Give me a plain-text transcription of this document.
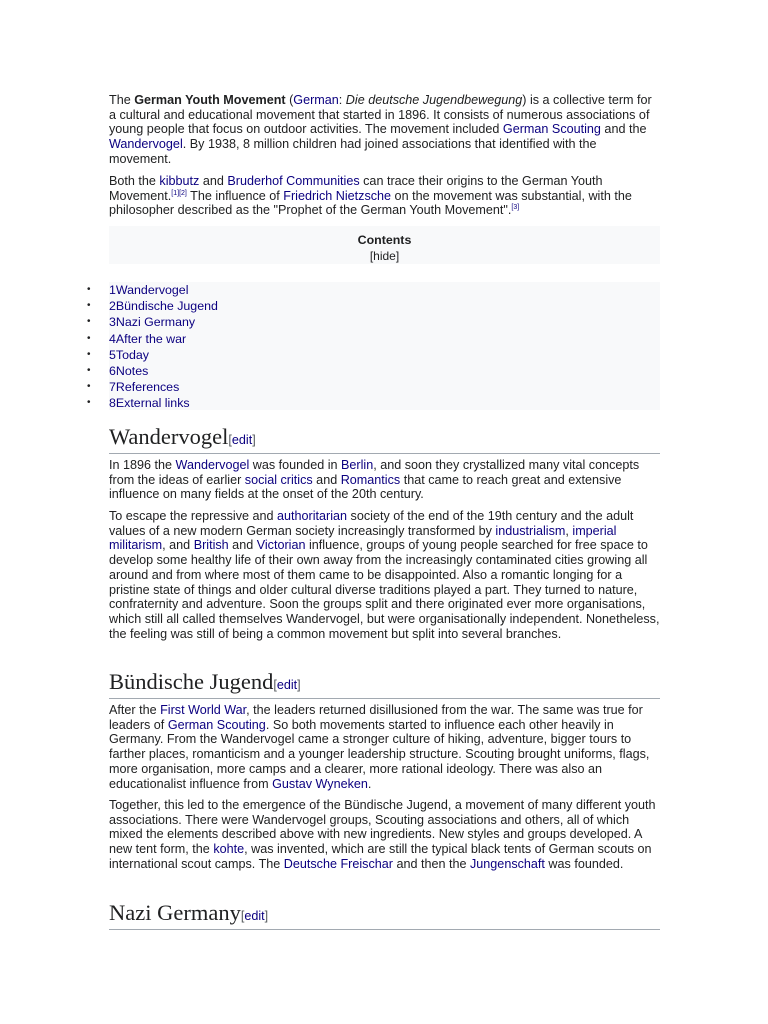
The German Youth Movement (German: Die deutsche Jugendbewegung) is a collective term for a cultural and educational movement that started in 1896. It consists of numerous associations of young people that focus on outdoor activities. The movement included German Scouting and the Wandervogel. By 1938, 8 million children had joined associations that identified with the movement.

Both the kibbutz and Bruderhof Communities can trace their origins to the German Youth Movement.[1][2] The influence of Friedrich Nietzsche on the movement was substantial, with the philosopher described as the "Prophet of the German Youth Movement".[3]

Contents
[hide]
• 1Wandervogel
• 2Bündische Jugend
• 3Nazi Germany
• 4After the war
• 5Today
• 6Notes
• 7References
• 8External links
Wandervogel[edit]

In 1896 the Wandervogel was founded in Berlin, and soon they crystallized many vital concepts from the ideas of earlier social critics and Romantics that came to reach great and extensive influence on many fields at the onset of the 20th century.

To escape the repressive and authoritarian society of the end of the 19th century and the adult values of a new modern German society increasingly transformed by industrialism, imperial militarism, and British and Victorian influence, groups of young people searched for free space to develop some healthy life of their own away from the increasingly contaminated cities growing all around and from where most of them came to be disappointed. Also a romantic longing for a pristine state of things and older cultural diverse traditions played a part. They turned to nature, confraternity and adventure. Soon the groups split and there originated ever more organisations, which still all called themselves Wandervogel, but were organisationally independent. Nonetheless, the feeling was still of being a common movement but split into several branches.

Bündische Jugend[edit]

After the First World War, the leaders returned disillusioned from the war. The same was true for leaders of German Scouting. So both movements started to influence each other heavily in Germany. From the Wandervogel came a stronger culture of hiking, adventure, bigger tours to farther places, romanticism and a younger leadership structure. Scouting brought uniforms, flags, more organisation, more camps and a clearer, more rational ideology. There was also an educationalist influence from Gustav Wyneken.

Together, this led to the emergence of the Bündische Jugend, a movement of many different youth associations. There were Wandervogel groups, Scouting associations and others, all of which mixed the elements described above with new ingredients. New styles and groups developed. A new tent form, the kohte, was invented, which are still the typical black tents of German scouts on international scout camps. The Deutsche Freischar and then the Jungenschaft was founded.

Nazi Germany[edit]
